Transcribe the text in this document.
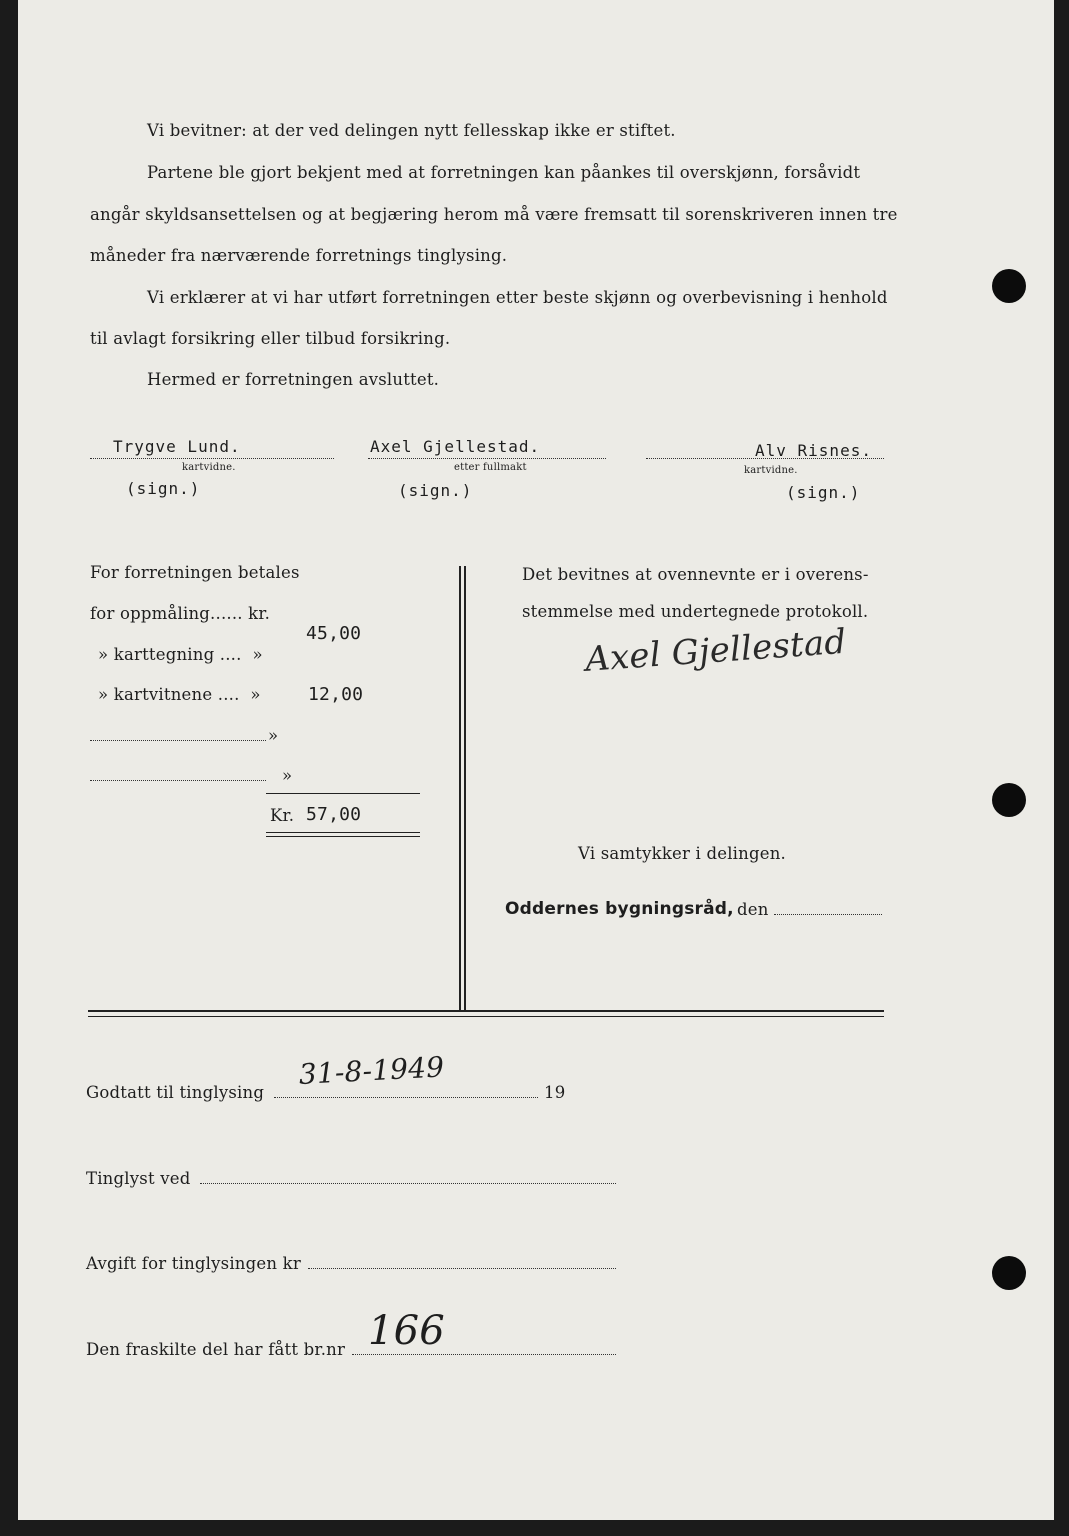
Vi bevitner: at der ved delingen nytt fellesskap ikke er stiftet.
Partene ble gjort bekjent med at forretningen kan påankes til overskjønn, forsåvidt
angår skyldsansettelsen og at begjæring herom må være fremsatt til sorenskriveren innen tre
måneder fra nærværende forretnings tinglysing.
Vi erklærer at vi har utført forretningen etter beste skjønn og overbevisning i henhold
til avlagt forsikring eller tilbud forsikring.
Hermed er forretningen avsluttet.
Trygve Lund.
kartvidne.
(sign.)
Axel Gjellestad.
etter fullmakt
(sign.)
Alv Risnes.
kartvidne.
(sign.)
For forretningen betales
for oppmåling...... kr.
45,00
» karttegning ....  »
» kartvitnene ....  »	12,00
»
»
Kr. 57,00
Det bevitnes at ovennevnte er i overens-
stemmelse med undertegnede protokoll.
Axel Gjellestad
Vi samtykker i delingen.
Oddernes bygningsråd, den
Godtatt til tinglysing
31-8-1949
19
Tinglyst ved
Avgift for tinglysingen kr
Den fraskilte del har fått br.nr 166
